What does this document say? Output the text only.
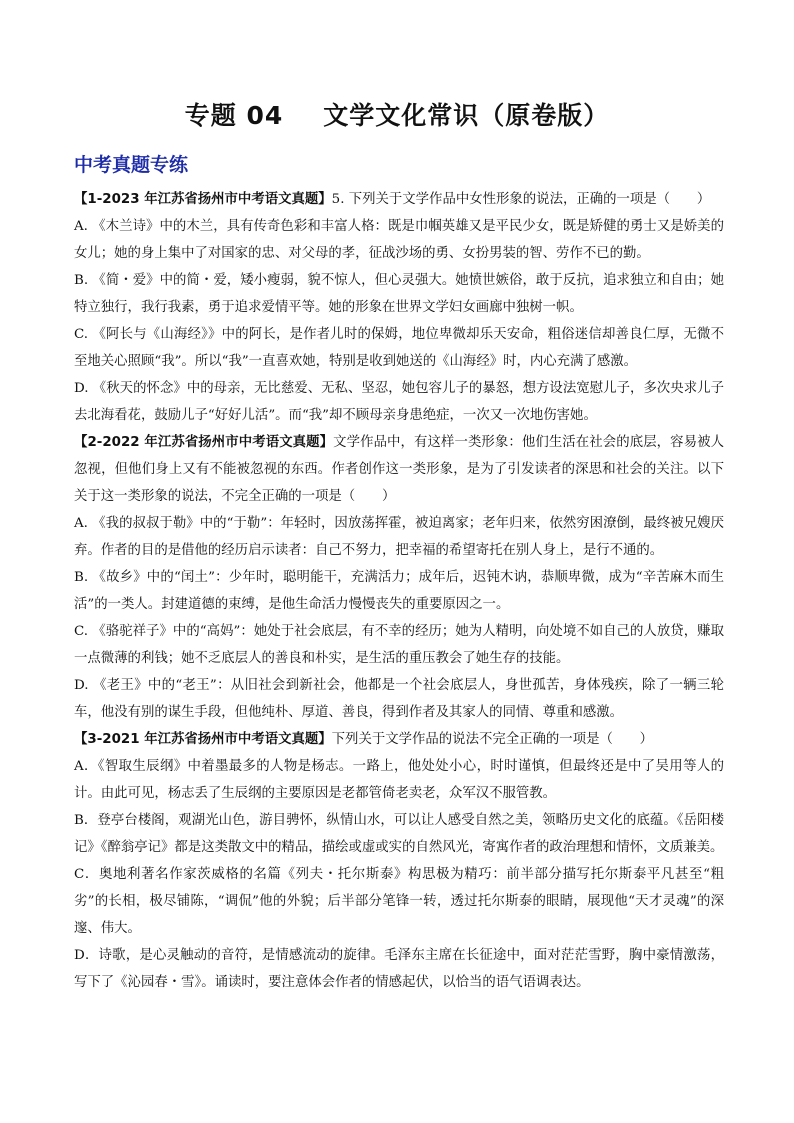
专题 04 文学文化常识（原卷版）
中考真题专练

【1-2023 年江苏省扬州市中考语文真题】5. 下列关于文学作品中女性形象的说法，正确的一项是（　　）

A. 《木兰诗》中的木兰，具有传奇色彩和丰富人格：既是巾帼英雄又是平民少女，既是矫健的勇士又是娇美的女儿；她的身上集中了对国家的忠、对父母的孝，征战沙场的勇、女扮男装的智、劳作不已的勤。

B. 《简・爱》中的简・爱，矮小瘦弱，貌不惊人，但心灵强大。她愤世嫉俗，敢于反抗，追求独立和自由；她特立独行，我行我素，勇于追求爱情平等。她的形象在世界文学妇女画廊中独树一帜。

C. 《阿长与《山海经》》中的阿长，是作者儿时的保姆，地位卑微却乐天安命，粗俗迷信却善良仁厚，无微不至地关心照顾“我”。所以“我”一直喜欢她，特别是收到她送的《山海经》时，内心充满了感激。

D. 《秋天的怀念》中的母亲，无比慈爱、无私、坚忍，她包容儿子的暴怒，想方设法宽慰儿子，多次央求儿子去北海看花，鼓励儿子“好好儿活”。而“我”却不顾母亲身患绝症，一次又一次地伤害她。

【2-2022 年江苏省扬州市中考语文真题】文学作品中，有这样一类形象：他们生活在社会的底层，容易被人忽视，但他们身上又有不能被忽视的东西。作者创作这一类形象，是为了引发读者的深思和社会的关注。以下关于这一类形象的说法，不完全正确的一项是（　　）

A. 《我的叔叔于勒》中的“于勒”：年轻时，因放荡挥霍，被迫离家；老年归来，依然穷困潦倒，最终被兄嫂厌弃。作者的目的是借他的经历启示读者：自己不努力，把幸福的希望寄托在别人身上，是行不通的。

B. 《故乡》中的“闰土”：少年时，聪明能干，充满活力；成年后，迟钝木讷，恭顺卑微，成为“辛苦麻木而生活”的一类人。封建道德的束缚，是他生命活力慢慢丧失的重要原因之一。

C. 《骆驼祥子》中的“高妈”：她处于社会底层，有不幸的经历；她为人精明，向处境不如自己的人放贷，赚取一点微薄的利钱；她不乏底层人的善良和朴实，是生活的重压教会了她生存的技能。

D. 《老王》中的“老王”：从旧社会到新社会，他都是一个社会底层人，身世孤苦，身体残疾，除了一辆三轮车，他没有别的谋生手段，但他纯朴、厚道、善良，得到作者及其家人的同情、尊重和感激。

【3-2021 年江苏省扬州市中考语文真题】下列关于文学作品的说法不完全正确的一项是（　　）

A．《智取生辰纲》中着墨最多的人物是杨志。一路上，他处处小心，时时谨慎，但最终还是中了吴用等人的计。由此可见，杨志丢了生辰纲的主要原因是老都管倚老卖老，众军汉不服管教。

B．登亭台楼阁，观湖光山色，游目骋怀，纵情山水，可以让人感受自然之美，领略历史文化的底蕴。《岳阳楼记》《醉翁亭记》都是这类散文中的精品，描绘或虚或实的自然风光，寄寓作者的政治理想和情怀，文质兼美。

C．奥地利著名作家茨威格的名篇《列夫・托尔斯泰》构思极为精巧：前半部分描写托尔斯泰平凡甚至“粗劣”的长相，极尽铺陈，“调侃”他的外貌；后半部分笔锋一转，透过托尔斯泰的眼睛，展现他“天才灵魂”的深邃、伟大。

D．诗歌，是心灵触动的音符，是情感流动的旋律。毛泽东主席在长征途中，面对茫茫雪野，胸中豪情激荡，写下了《沁园春・雪》。诵读时，要注意体会作者的情感起伏，以恰当的语气语调表达。
